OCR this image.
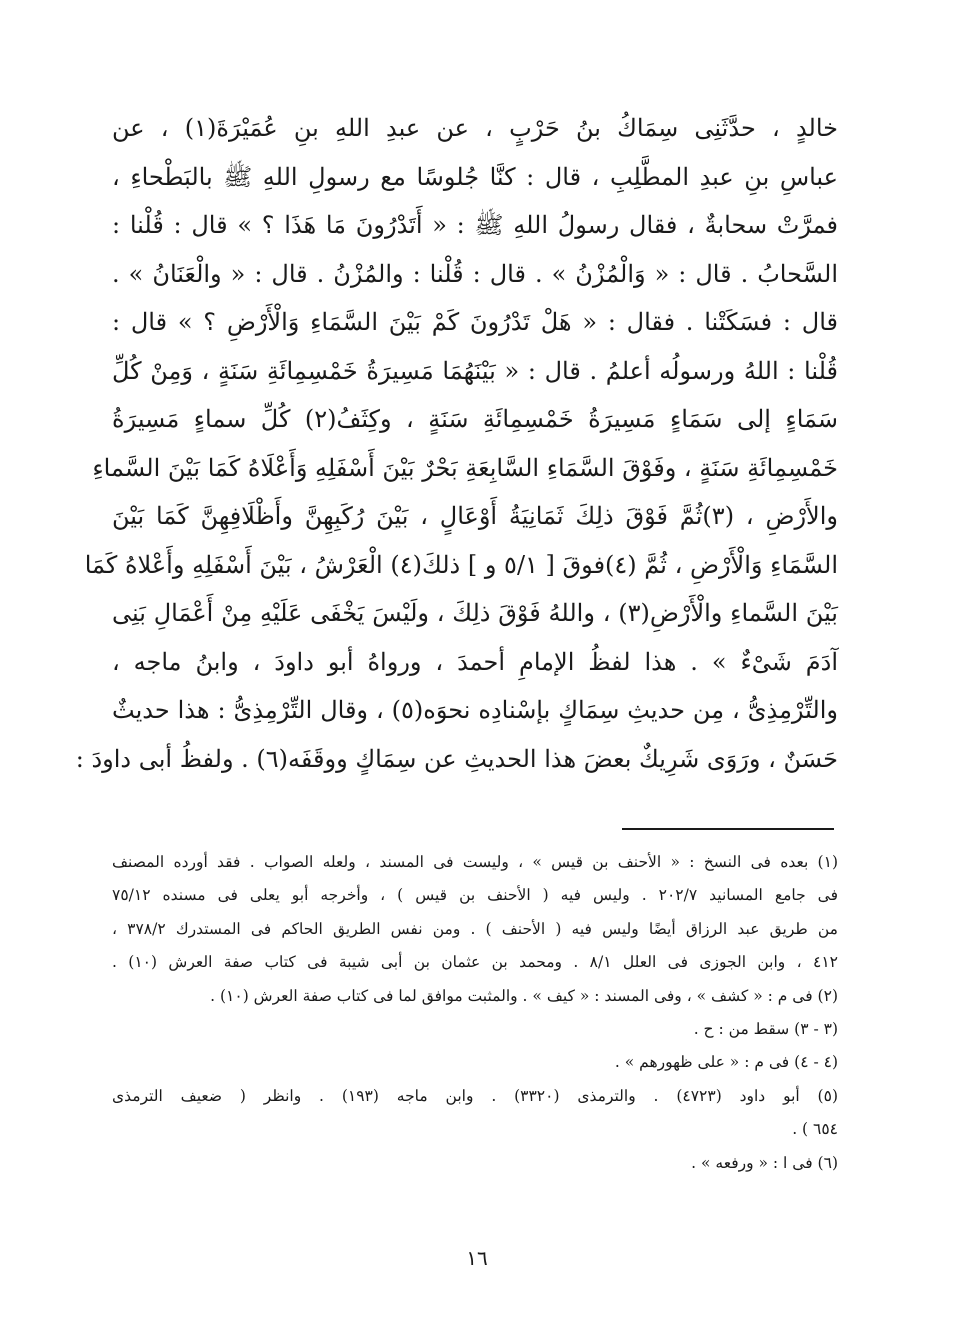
خالدٍ ، حدَّثَنِى سِمَاكُ بنُ حَرْبٍ ، عن عبدِ اللهِ بنِ عُمَيْرَةَ(١) ، عن
عباسِ بنِ عبدِ المطَّلِبِ ، قال : كنَّا جُلوسًا مع رسولِ اللهِ ﷺ بالبَطْحاءِ ،
فمرَّتْ سحابةٌ ، فقال رسولُ اللهِ ﷺ : « أَتَدْرُونَ مَا هَذَا ؟ » قال : قُلْنا :
السَّحابُ . قال : « وَالْمُزْنُ » . قال : قُلْنا : والمُزْنُ . قال : « والْعَنَانُ » .
قال : فسَكَتْنا . فقال : « هَلْ تَدْرُونَ كَمْ بَيْنَ السَّمَاءِ وَالْأَرْضِ ؟ » قال :
قُلْنا : اللهُ ورسولُه أعلمُ . قال : « بَيْنَهُمَا مَسِيرَةُ خَمْسِمِائَةِ سَنَةٍ ، وَمِنْ كُلِّ
سَمَاءٍ إلى سَمَاءٍ مَسِيرَةُ خَمْسِمِائَةِ سَنَةٍ ، وكِثَفُ(٢) كُلِّ سماءٍ مَسِيرَةُ
خَمْسِمِائَةِ سَنَةٍ ، وفَوْقَ السَّمَاءِ السَّابِعَةِ بَحْرٌ بَيْنَ أَسْفَلِهِ وَأَعْلَاهُ كَمَا بَيْنَ السَّماءِ
والأَرْضِ ، (٣)ثُمَّ فَوْقَ ذلِكَ ثَمَانِيَةُ أَوْعَالٍ ، بَيْنَ رُكَبِهِنَّ وأَظْلَافِهِنَّ كَمَا بَيْنَ
السَّمَاءِ وَالْأَرْضِ ، ثُمَّ (٤)فوقَ [ ٥/١ و ] ذلكَ(٤) الْعَرْشُ ، بَيْنَ أَسْفَلِهِ وأَعْلاهُ كَمَا
بَيْنَ السَّماءِ والْأَرْضِ(٣) ، واللهُ فَوْقَ ذلِكَ ، ولَيْسَ يَخْفَى عَلَيْهِ مِنْ أَعْمَالِ بَنِى
آدَمَ شَىْءٌ » . هذا لفظُ الإمامِ أحمدَ ، ورواهُ أبو داودَ ، وابنُ ماجه ،
والتِّرْمِذِىُّ ، مِن حديثِ سِمَاكٍ بإسْنادِه نحوَه(٥) ، وقال التِّرْمِذِىُّ : هذا حديثٌ
حَسَنٌ ، ورَوَى شَرِيكٌ بعضَ هذا الحديثِ عن سِمَاكٍ ووقَفَه(٦) . ولفظُ أبى داودَ :
(١) بعده فى النسخ : « الأحنف بن قيس » ، وليست فى المسند ، ولعله الصواب . فقد أورده المصنف
فى جامع المسانيد ٢٠٢/٧ . وليس فيه ( الأحنف بن قيس ) ، وأخرجه أبو يعلى فى مسنده ٧٥/١٢
من طريق عبد الرزاق أيضًا وليس فيه ( الأحنف ) . ومن نفس الطريق الحاكم فى المستدرك ٣٧٨/٢ ،
٤١٢ ، وابن الجوزى فى العلل ٨/١ . ومحمد بن عثمان بن أبى شيبة فى كتاب صفة العرش (١٠) .
(٢) فى م : « كشف » ، وفى المسند : « كيف » . والمثبت موافق لما فى كتاب صفة العرش (١٠) .
(٣ - ٣) سقط من : ح .
(٤ - ٤) فى م : « على ظهورهم » .
(٥) أبو داود (٤٧٢٣) . والترمذى (٣٣٢٠) . وابن ماجه (١٩٣) . وانظر ( ضعيف الترمذى
٦٥٤ ) .
(٦) فى ا : « ورفعه » .
١٦
